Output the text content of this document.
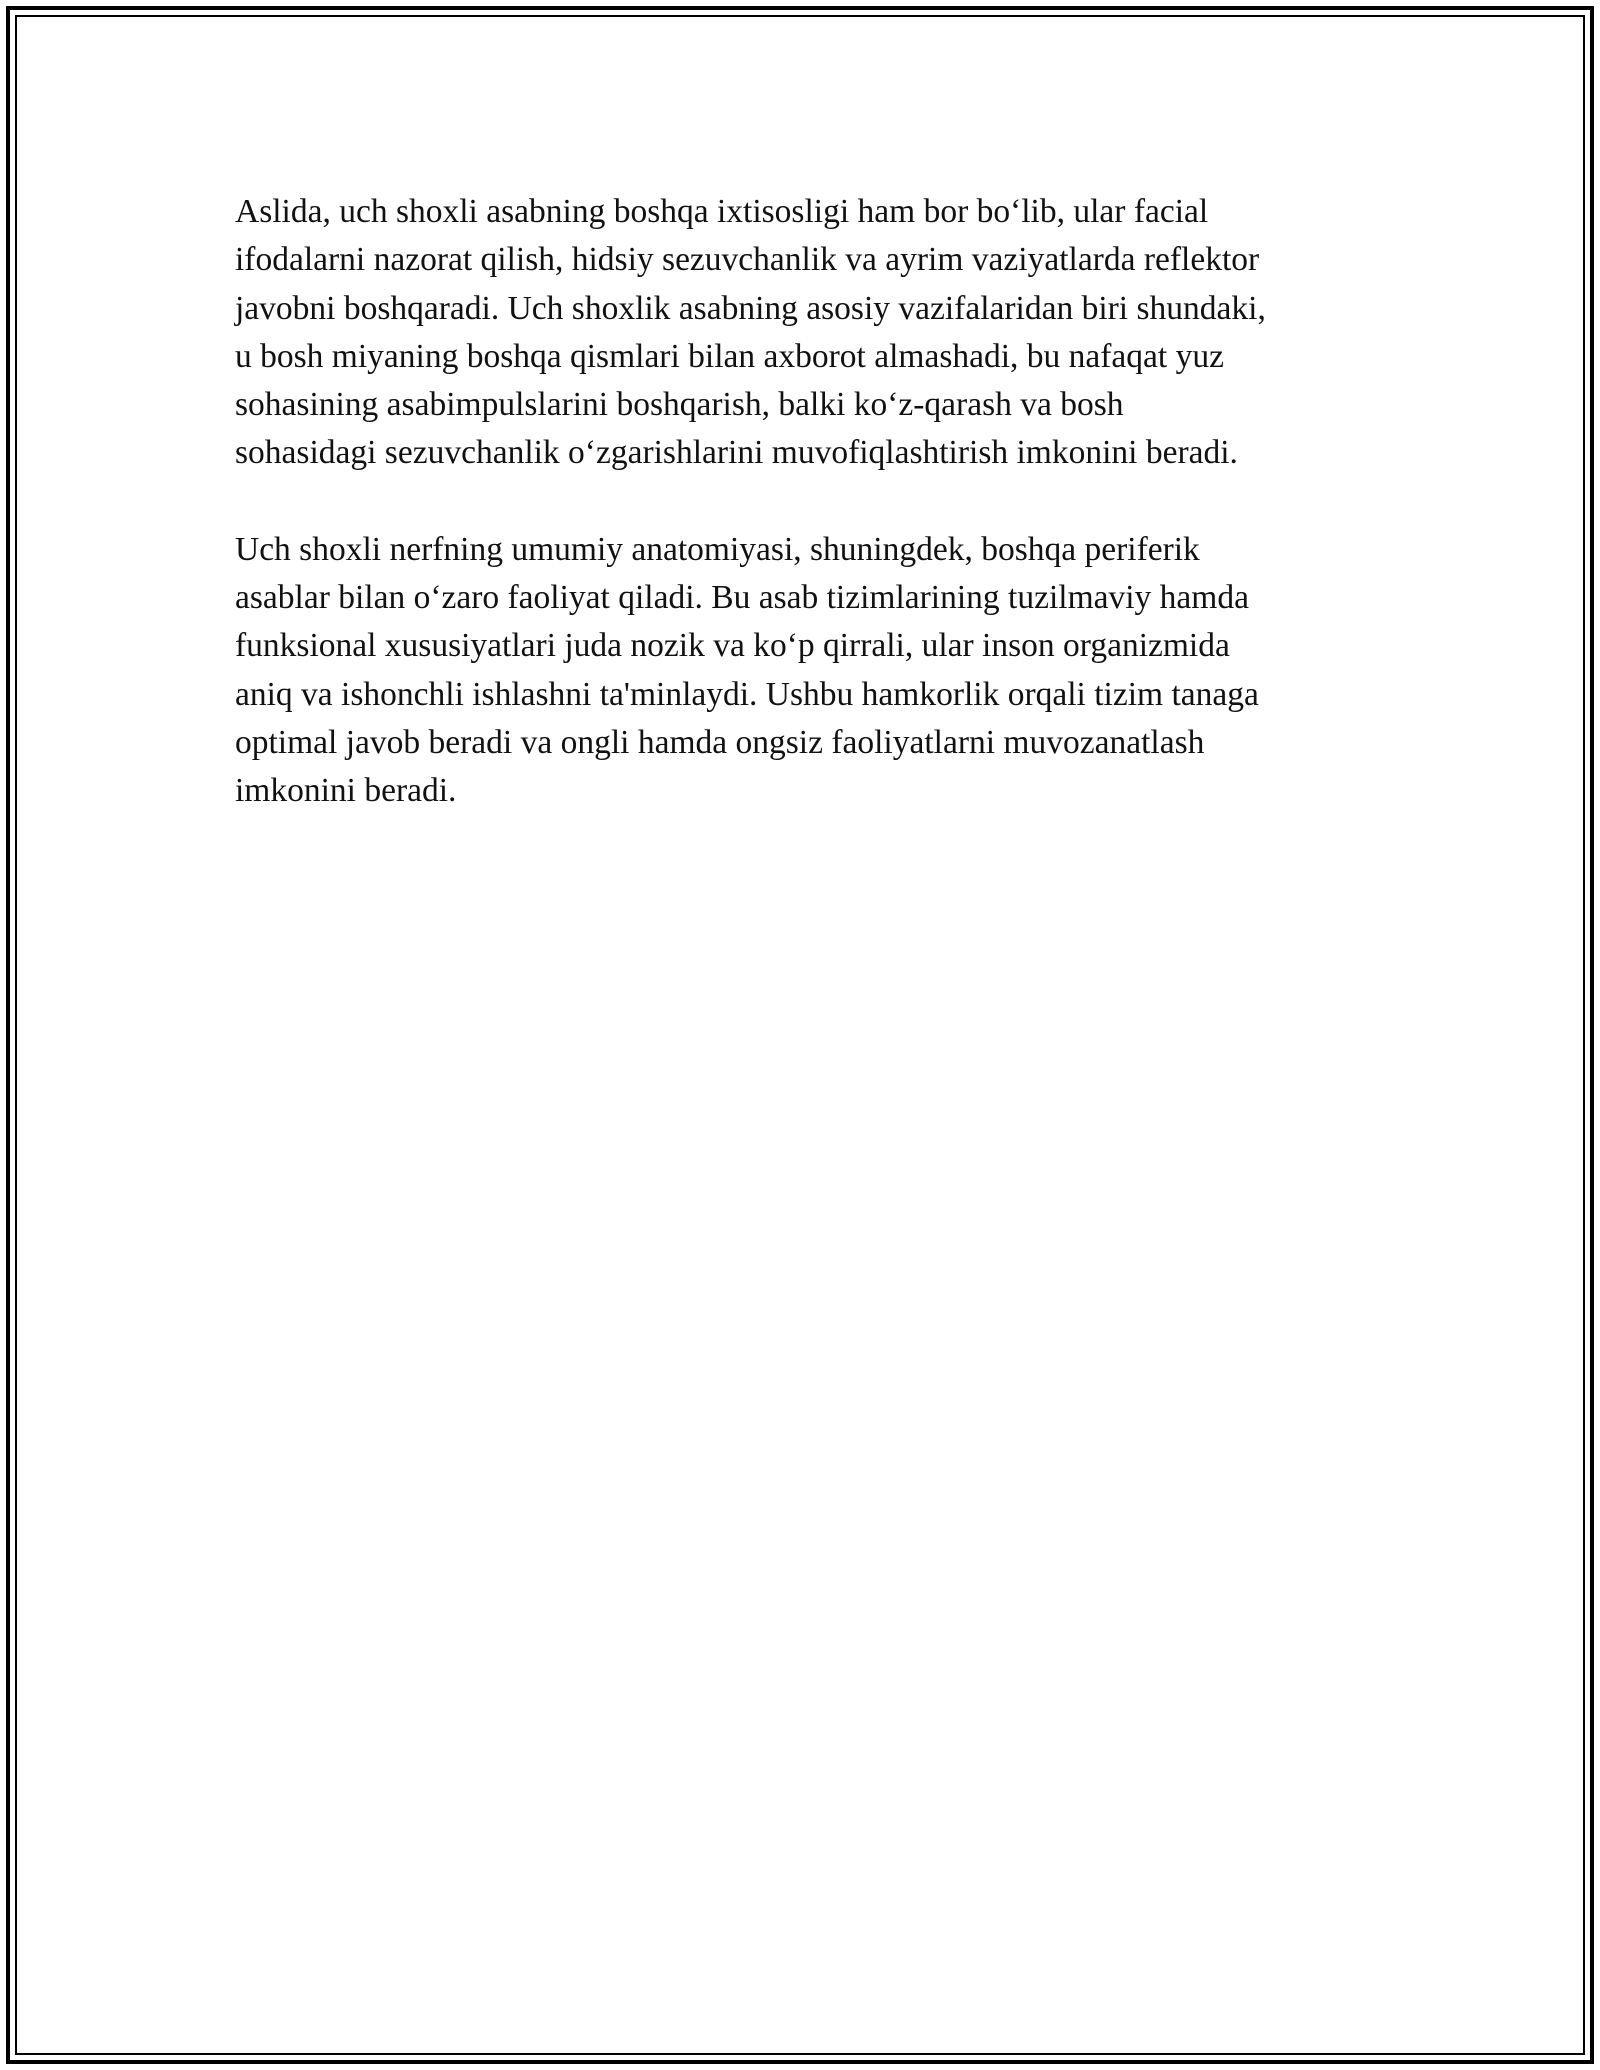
Aslida, uch shoxli asabning boshqa ixtisosligi ham bor bo‘lib, ular facial
ifodalarni nazorat qilish, hidsiy sezuvchanlik va ayrim vaziyatlarda reflektor
javobni boshqaradi. Uch shoxlik asabning asosiy vazifalaridan biri shundaki,
u bosh miyaning boshqa qismlari bilan axborot almashadi, bu nafaqat yuz
sohasining asabimpulslarini boshqarish, balki ko‘z-qarash va bosh
sohasidagi sezuvchanlik o‘zgarishlarini muvofiqlashtirish imkonini beradi.

Uch shoxli nerfning umumiy anatomiyasi, shuningdek, boshqa periferik
asablar bilan o‘zaro faoliyat qiladi. Bu asab tizimlarining tuzilmaviy hamda
funksional xususiyatlari juda nozik va ko‘p qirrali, ular inson organizmida
aniq va ishonchli ishlashni ta'minlaydi. Ushbu hamkorlik orqali tizim tanaga
optimal javob beradi va ongli hamda ongsiz faoliyatlarni muvozanatlash
imkonini beradi.
